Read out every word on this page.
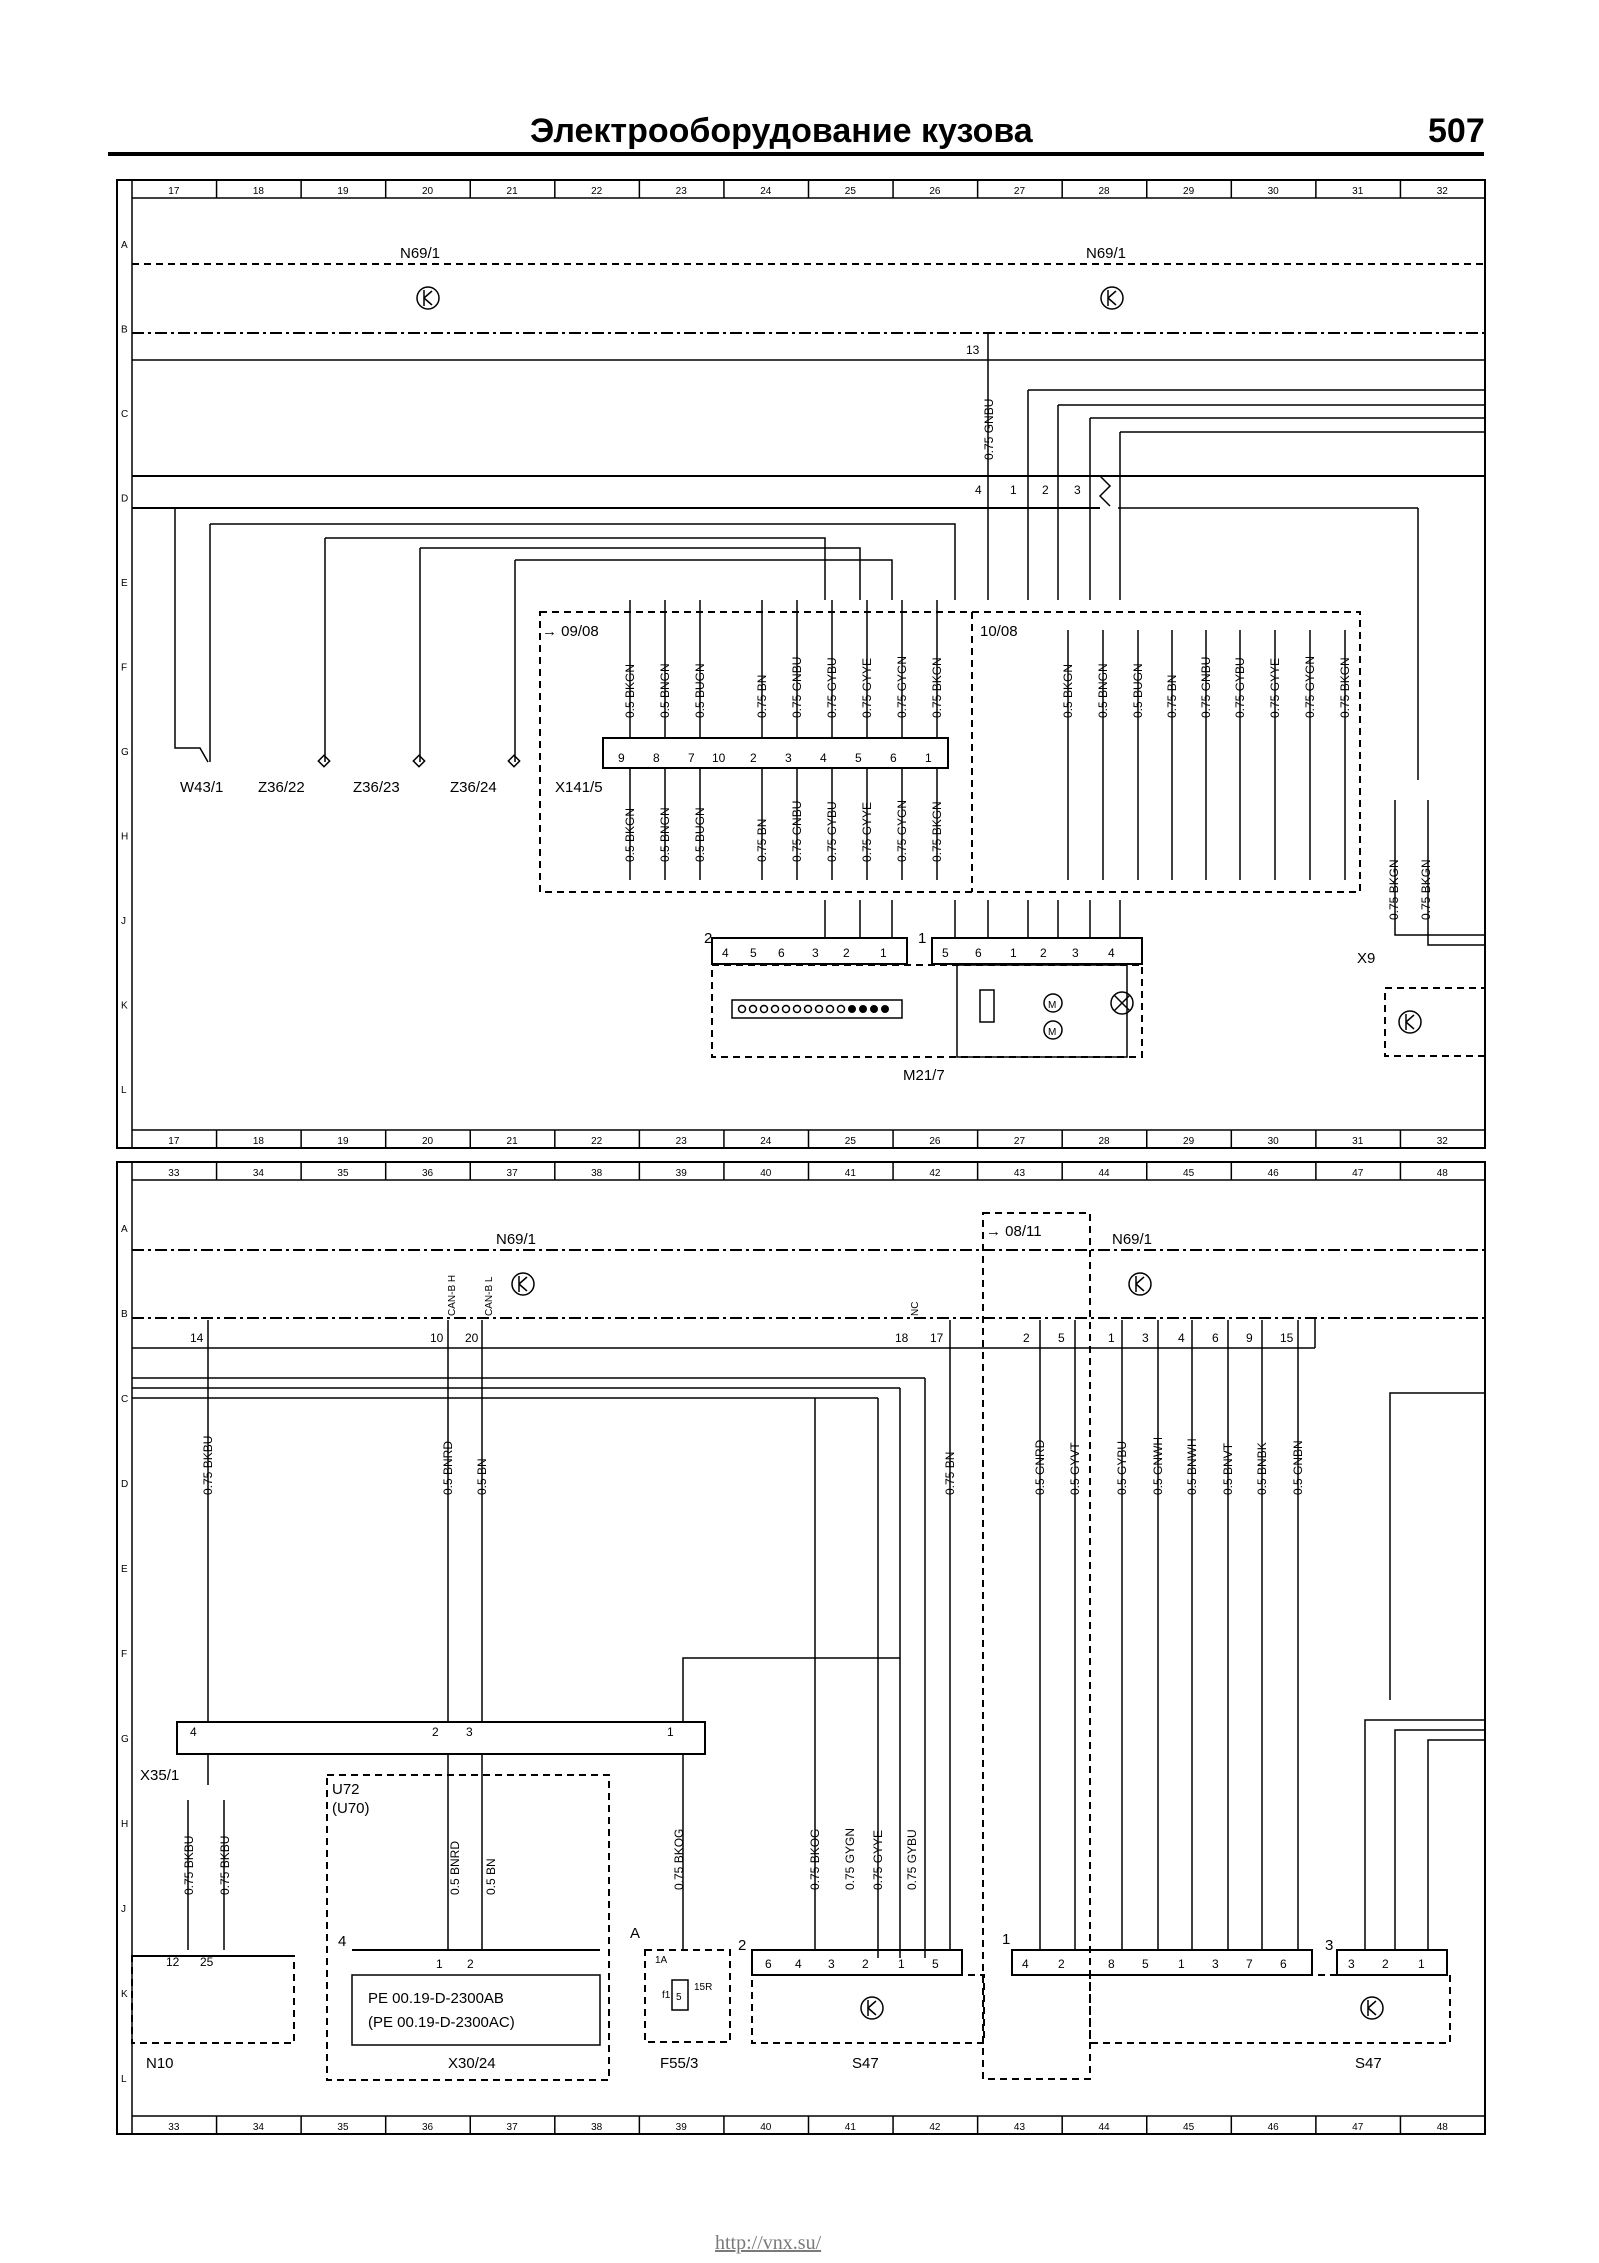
Электрооборудование кузова	507
17	18	19	20	21	22	23	24	25	26	27	28	29	30	31	32
17	18	19	20	21	22	23	24	25	26	27	28	29	30	31	32
A
B
C
D
E
F
G
H
J
K
L
N69/1	N69/1
13
0.75 GNBU
4 1 2 3
W43/1 Z36/22	Z36/23	Z36/24
→ 09/08	10/08
X141/5
0.5 BKGN
0.5 BKGN
0.5 BNGN
0.5 BNGN
0.5 BUGN
0.5 BUGN
0.75 BN
0.75 BN
0.75 GNBU
0.75 GNBU
0.75 GYBU
0.75 GYBU
0.75 GYYE
0.75 GYYE
0.75 GYGN
0.75 GYGN
0.75 BKGN
0.75 BKGN
9 8 7 10 2 3 4 5 6 1
0.5 BKGN 0.5 BNGN 0.5 BUGN 0.75 BN 0.75 GNBU 0.75 GYBU 0.75 GYYE 0.75 GYGN 0.75 BKGN
0.75 BKGN 0.75 BKGN
X9
2	1
4 5 6 3 2	1	5 6 1 2 3 4
M
M
M21/7
33	34	35	36	37	38	39	40	41	42	43	44	45	46	47	48
33	34	35	36	37	38	39	40	41	42	43	44	45	46	47	48
A
B
C
D
E
F
G
H
J
K
L
N69/1	N69/1
→ 08/11
CAN-B H	CAN-B L	NC
14	10 20	18 17	2 5	1 3 4 6 9 15
0.75 BKBU	0.5 BNRD 0.5 BN	0.75 BN	0.5 GNRD 0.5 GYVT	0.5 GYBU 0.5 GNWH 0.5 BNWH 0.5 BNVT 0.5 BNBK 0.5 GNBN
4	2 3	1
X35/1
0.75 BKBU 0.75 BKBU
12 25
N10
U72
(U70)
0.5 BNRD 0.5 BN
4
1 2
PE 00.19-D-2300AB
(PE 00.19-D-2300AC)
X30/24
0.75 BKOG
A
1A
f1 5
15R
F55/3
0.75 BKOG 0.75 GYGN 0.75 GYYE 0.75 GYBU
2
S47
6 4 3 2 1 5
1
4 2	8 5 1 3 7 6
3
3 2 1
S47
http://vnx.su/
